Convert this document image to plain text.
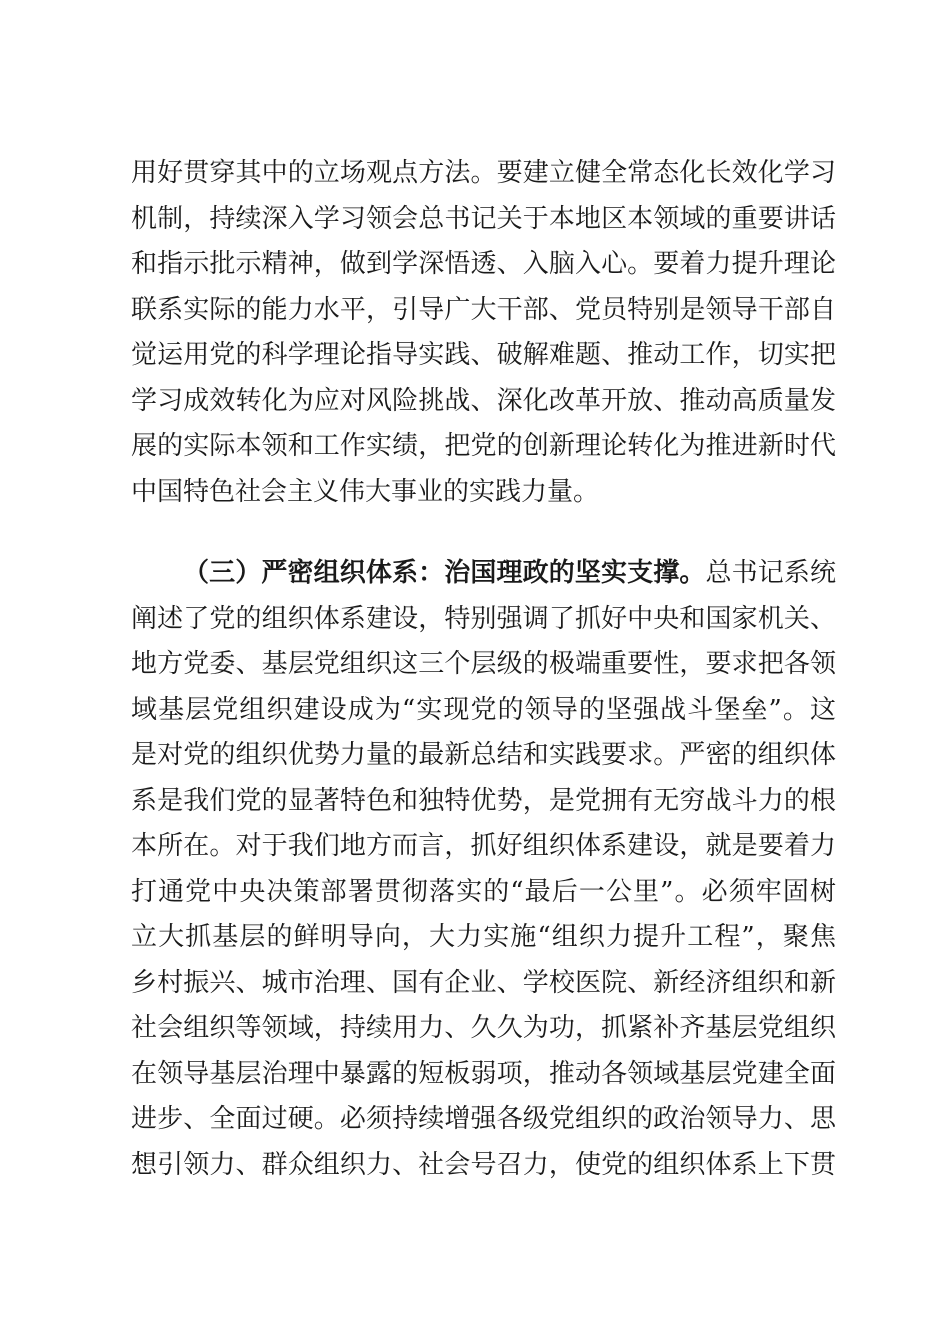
用好贯穿其中的立场观点方法。要建立健全常态化长效化学习
机制，持续深入学习领会总书记关于本地区本领域的重要讲话
和指示批示精神，做到学深悟透、入脑入心。要着力提升理论
联系实际的能力水平，引导广大干部、党员特别是领导干部自
觉运用党的科学理论指导实践、破解难题、推动工作，切实把
学习成效转化为应对风险挑战、深化改革开放、推动高质量发
展的实际本领和工作实绩，把党的创新理论转化为推进新时代
中国特色社会主义伟大事业的实践力量。
（三）严密组织体系：治国理政的坚实支撑。总书记系统
阐述了党的组织体系建设，特别强调了抓好中央和国家机关、
地方党委、基层党组织这三个层级的极端重要性，要求把各领
域基层党组织建设成为“实现党的领导的坚强战斗堡垒”。这
是对党的组织优势力量的最新总结和实践要求。严密的组织体
系是我们党的显著特色和独特优势，是党拥有无穷战斗力的根
本所在。对于我们地方而言，抓好组织体系建设，就是要着力
打通党中央决策部署贯彻落实的“最后一公里”。必须牢固树
立大抓基层的鲜明导向，大力实施“组织力提升工程”，聚焦
乡村振兴、城市治理、国有企业、学校医院、新经济组织和新
社会组织等领域，持续用力、久久为功，抓紧补齐基层党组织
在领导基层治理中暴露的短板弱项，推动各领域基层党建全面
进步、全面过硬。必须持续增强各级党组织的政治领导力、思
想引领力、群众组织力、社会号召力，使党的组织体系上下贯
